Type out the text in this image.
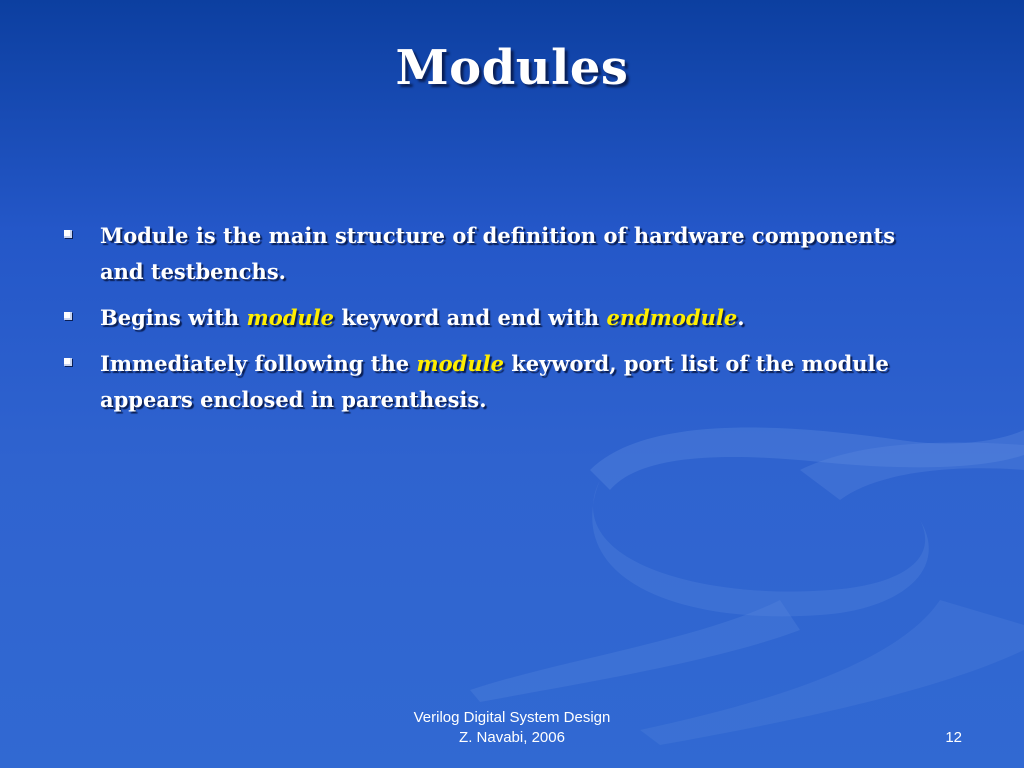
Modules
Module is the main structure of definition of hardware components and testbenchs.
Begins with module keyword and end with endmodule.
Immediately following the module keyword, port list of the module appears enclosed in parenthesis.
Verilog Digital System Design
Z. Navabi, 2006	12
